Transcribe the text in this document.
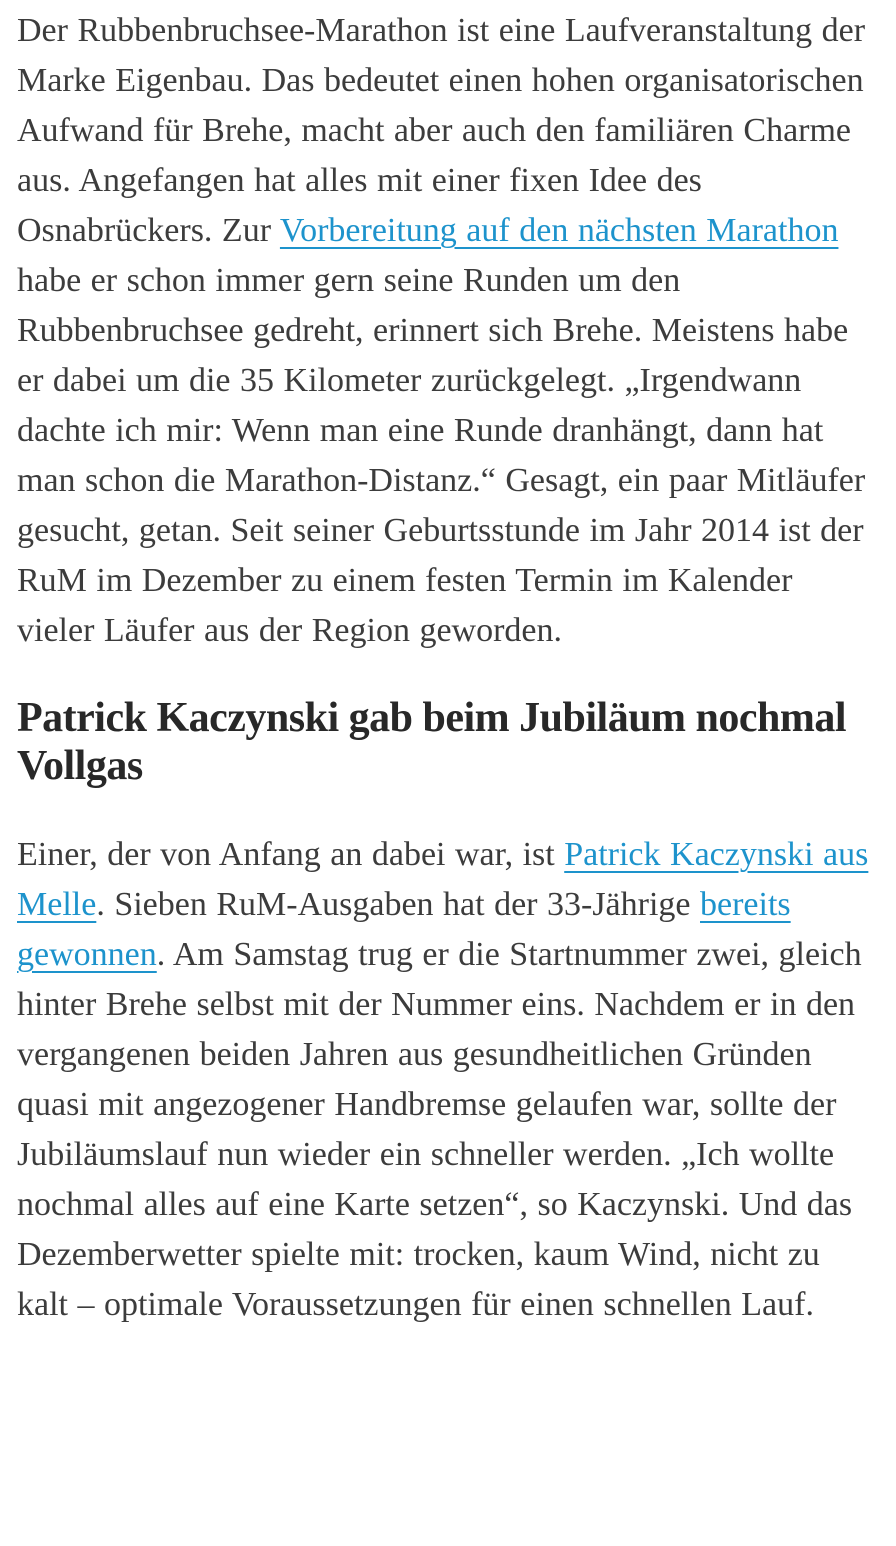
Der Rubbenbruchsee-Marathon ist eine Laufveranstaltung der Marke Eigenbau. Das bedeutet einen hohen organisatorischen Aufwand für Brehe, macht aber auch den familiären Charme aus. Angefangen hat alles mit einer fixen Idee des Osnabrückers. Zur Vorbereitung auf den nächsten Marathon habe er schon immer gern seine Runden um den Rubbenbruchsee gedreht, erinnert sich Brehe. Meistens habe er dabei um die 35 Kilometer zurückgelegt. „Irgendwann dachte ich mir: Wenn man eine Runde dranhängt, dann hat man schon die Marathon-Distanz.“ Gesagt, ein paar Mitläufer gesucht, getan. Seit seiner Geburtsstunde im Jahr 2014 ist der RuM im Dezember zu einem festen Termin im Kalender vieler Läufer aus der Region geworden.

Patrick Kaczynski gab beim Jubiläum nochmal Vollgas

Einer, der von Anfang an dabei war, ist Patrick Kaczynski aus Melle. Sieben RuM-Ausgaben hat der 33-Jährige bereits gewonnen. Am Samstag trug er die Startnummer zwei, gleich hinter Brehe selbst mit der Nummer eins. Nachdem er in den vergangenen beiden Jahren aus gesundheitlichen Gründen quasi mit angezogener Handbremse gelaufen war, sollte der Jubiläumslauf nun wieder ein schneller werden. „Ich wollte nochmal alles auf eine Karte setzen“, so Kaczynski. Und das Dezemberwetter spielte mit: trocken, kaum Wind, nicht zu kalt – optimale Voraussetzungen für einen schnellen Lauf.
